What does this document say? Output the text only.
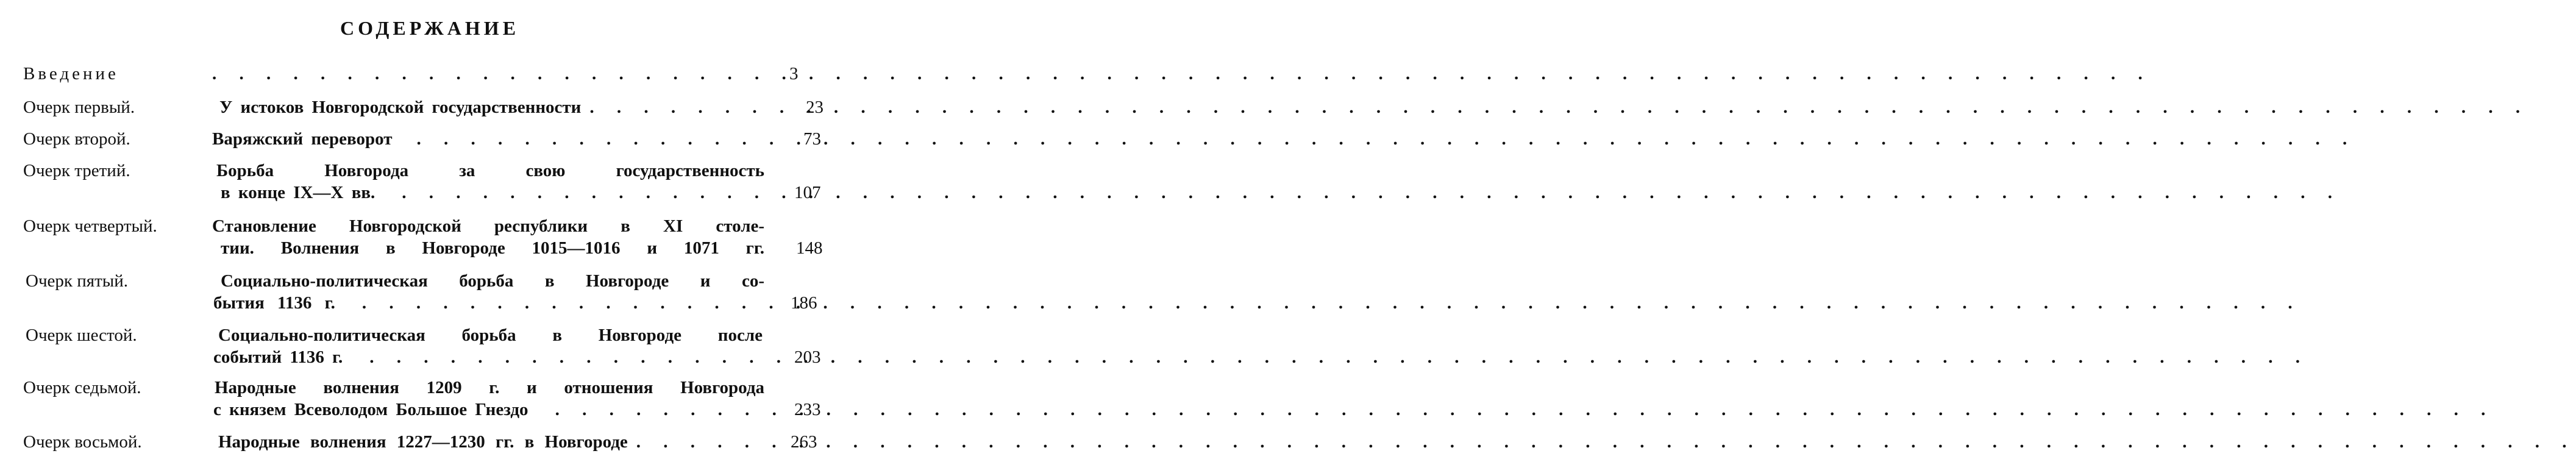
СОДЕРЖАНИЕ
Введение . . .	3
Очерк первый.	У истоков Новгородской государственности . . .	23
Очерк второй.	Варяжский переворот . . .	73
Очерк третий.	Борьба Новгорода за свою государственность
в конце IX—X вв. . . .	107
Очерк четвертый.	Становление Новгородской республики в XI столе-
тии. Волнения в Новгороде 1015—1016 и 1071 гг. 148
Очерк пятый.	Социально-политическая борьба в Новгороде и со-
бытия 1136 г. . . .	186
Очерк шестой.	Социально-политическая борьба в Новгороде после
событий 1136 г. . . .	203
Очерк седьмой.	Народные волнения 1209 г. и отношения Новгорода
с князем Всеволодом Большое Гнездо . . .	233
Очерк восьмой.	Народные волнения 1227—1230 гг. в Новгороде . . .	263
